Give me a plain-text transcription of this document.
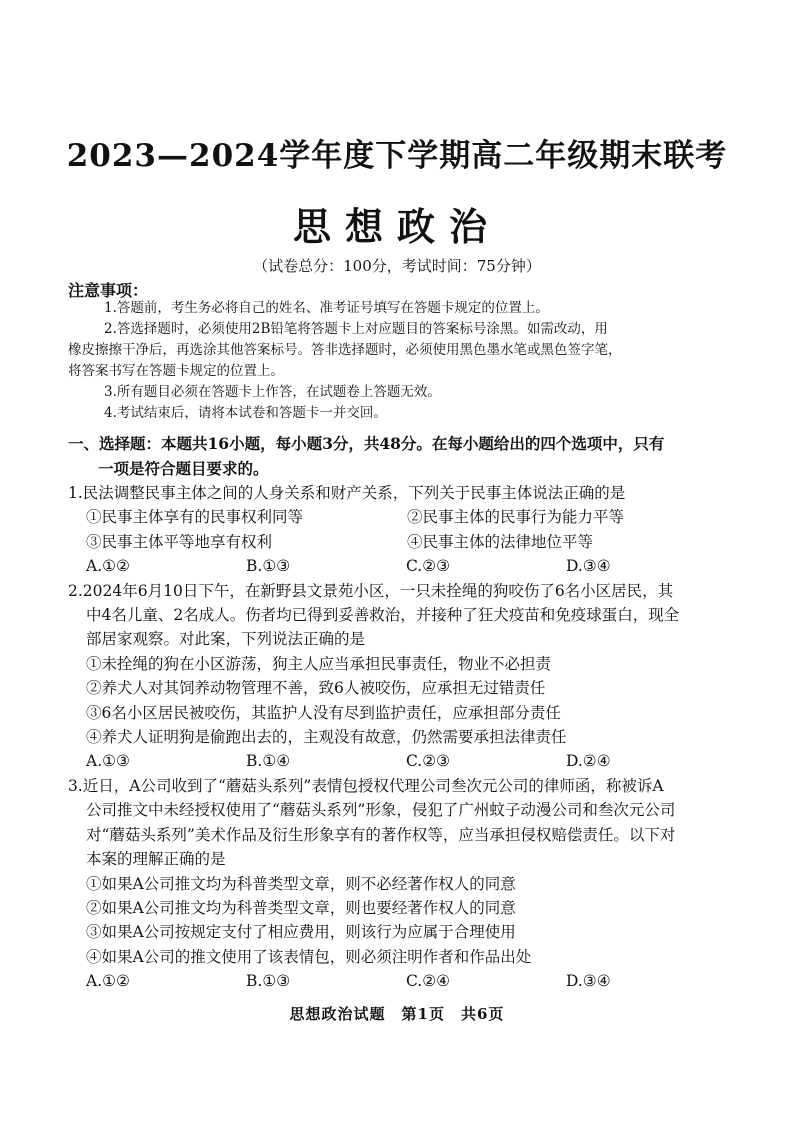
2023—2024学年度下学期高二年级期末联考
思想政治
（试卷总分：100分，考试时间：75分钟）
注意事项：
1.答题前，考生务必将自己的姓名、准考证号填写在答题卡规定的位置上。
2.答选择题时，必须使用2B铅笔将答题卡上对应题目的答案标号涂黑。如需改动，用
橡皮擦擦干净后，再选涂其他答案标号。答非选择题时，必须使用黑色墨水笔或黑色签字笔，
将答案书写在答题卡规定的位置上。
3.所有题目必须在答题卡上作答，在试题卷上答题无效。
4.考试结束后，请将本试卷和答题卡一并交回。
一、选择题：本题共16小题，每小题3分，共48分。在每小题给出的四个选项中，只有
一项是符合题目要求的。
1.民法调整民事主体之间的人身关系和财产关系，下列关于民事主体说法正确的是
①民事主体享有的民事权利同等	②民事主体的民事行为能力平等
③民事主体平等地享有权利	④民事主体的法律地位平等
A.①②	B.①③	C.②③	D.③④
2.2024年6月10日下午，在新野县文景苑小区，一只未拴绳的狗咬伤了6名小区居民，其
中4名儿童、2名成人。伤者均已得到妥善救治，并接种了狂犬疫苗和免疫球蛋白，现全
部居家观察。对此案，下列说法正确的是
①未拴绳的狗在小区游荡，狗主人应当承担民事责任，物业不必担责
②养犬人对其饲养动物管理不善，致6人被咬伤，应承担无过错责任
③6名小区居民被咬伤，其监护人没有尽到监护责任，应承担部分责任
④养犬人证明狗是偷跑出去的，主观没有故意，仍然需要承担法律责任
A.①③	B.①④	C.②③	D.②④
3.近日，A公司收到了“蘑菇头系列”表情包授权代理公司叁次元公司的律师函，称被诉A
公司推文中未经授权使用了“蘑菇头系列”形象，侵犯了广州蚊子动漫公司和叁次元公司
对“蘑菇头系列”美术作品及衍生形象享有的著作权等，应当承担侵权赔偿责任。以下对
本案的理解正确的是
①如果A公司推文均为科普类型文章，则不必经著作权人的同意
②如果A公司推文均为科普类型文章，则也要经著作权人的同意
③如果A公司按规定支付了相应费用，则该行为应属于合理使用
④如果A公司的推文使用了该表情包，则必须注明作者和作品出处
A.①②	B.①③	C.②④	D.③④
思想政治试题　第1页　共6页
